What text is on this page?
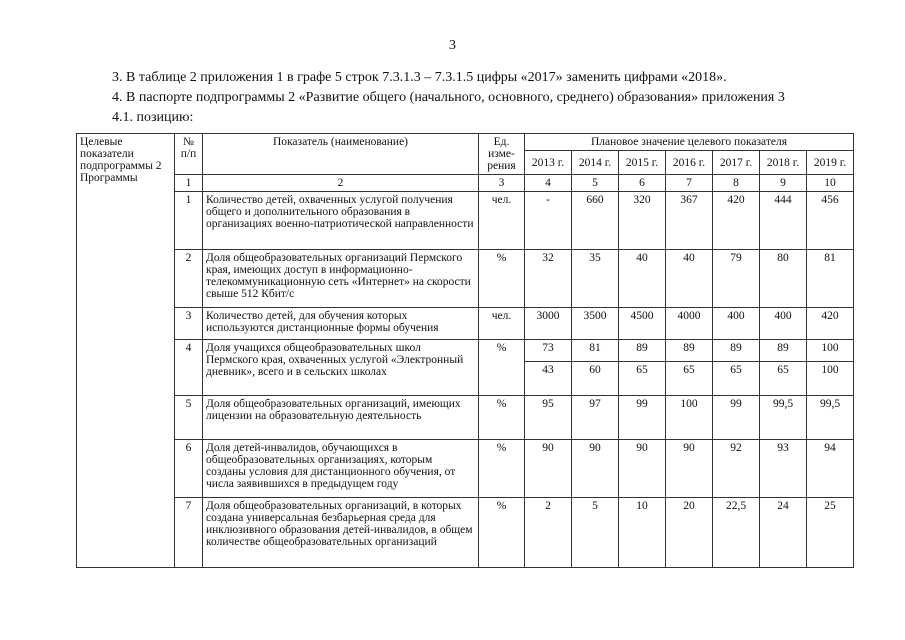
3
3. В таблице 2 приложения 1 в графе 5 строк 7.3.1.3 – 7.3.1.5 цифры «2017» заменить цифрами «2018».
4. В паспорте подпрограммы 2 «Развитие общего (начального, основного, среднего) образования» приложения 3
4.1. позицию:
Целевые показатели подпрограммы 2 Программы	№ п/п	Показатель (наименование)	Ед. изме-рения	Плановое значение целевого показателя						
				2013 г.	2014 г.	2015 г.	2016 г.	2017 г.	2018 г.	2019 г.
	1	2	3	4	5	6	7	8	9	10
	1	Количество детей, охваченных услугой получения общего и дополнительного образования в организациях военно-патриотической направленности	чел.	-	660	320	367	420	444	456
	2	Доля общеобразовательных организаций Пермского края, имеющих доступ в информационно-телекоммуникационную сеть «Интернет» на скорости свыше 512 Кбит/с	%	32	35	40	40	79	80	81
	3	Количество детей, для обучения которых используются дистанционные формы обучения	чел.	3000	3500	4500	4000	400	400	420
	4	Доля учащихся общеобразовательных школ Пермского края, охваченных услугой «Электронный дневник», всего и в сельских школах	%	73	81	89	89	89	89	100
				43	60	65	65	65	65	100
	5	Доля общеобразовательных организаций, имеющих лицензии на образовательную деятельность	%	95	97	99	100	99	99,5	99,5
	6	Доля детей-инвалидов, обучающихся в общеобразовательных организациях, которым созданы условия для дистанционного обучения, от числа заявившихся в предыдущем году	%	90	90	90	90	92	93	94
	7	Доля общеобразовательных организаций, в которых создана универсальная безбарьерная среда для инклюзивного образования детей-инвалидов, в общем количестве общеобразовательных организаций	%	2	5	10	20	22,5	24	25
